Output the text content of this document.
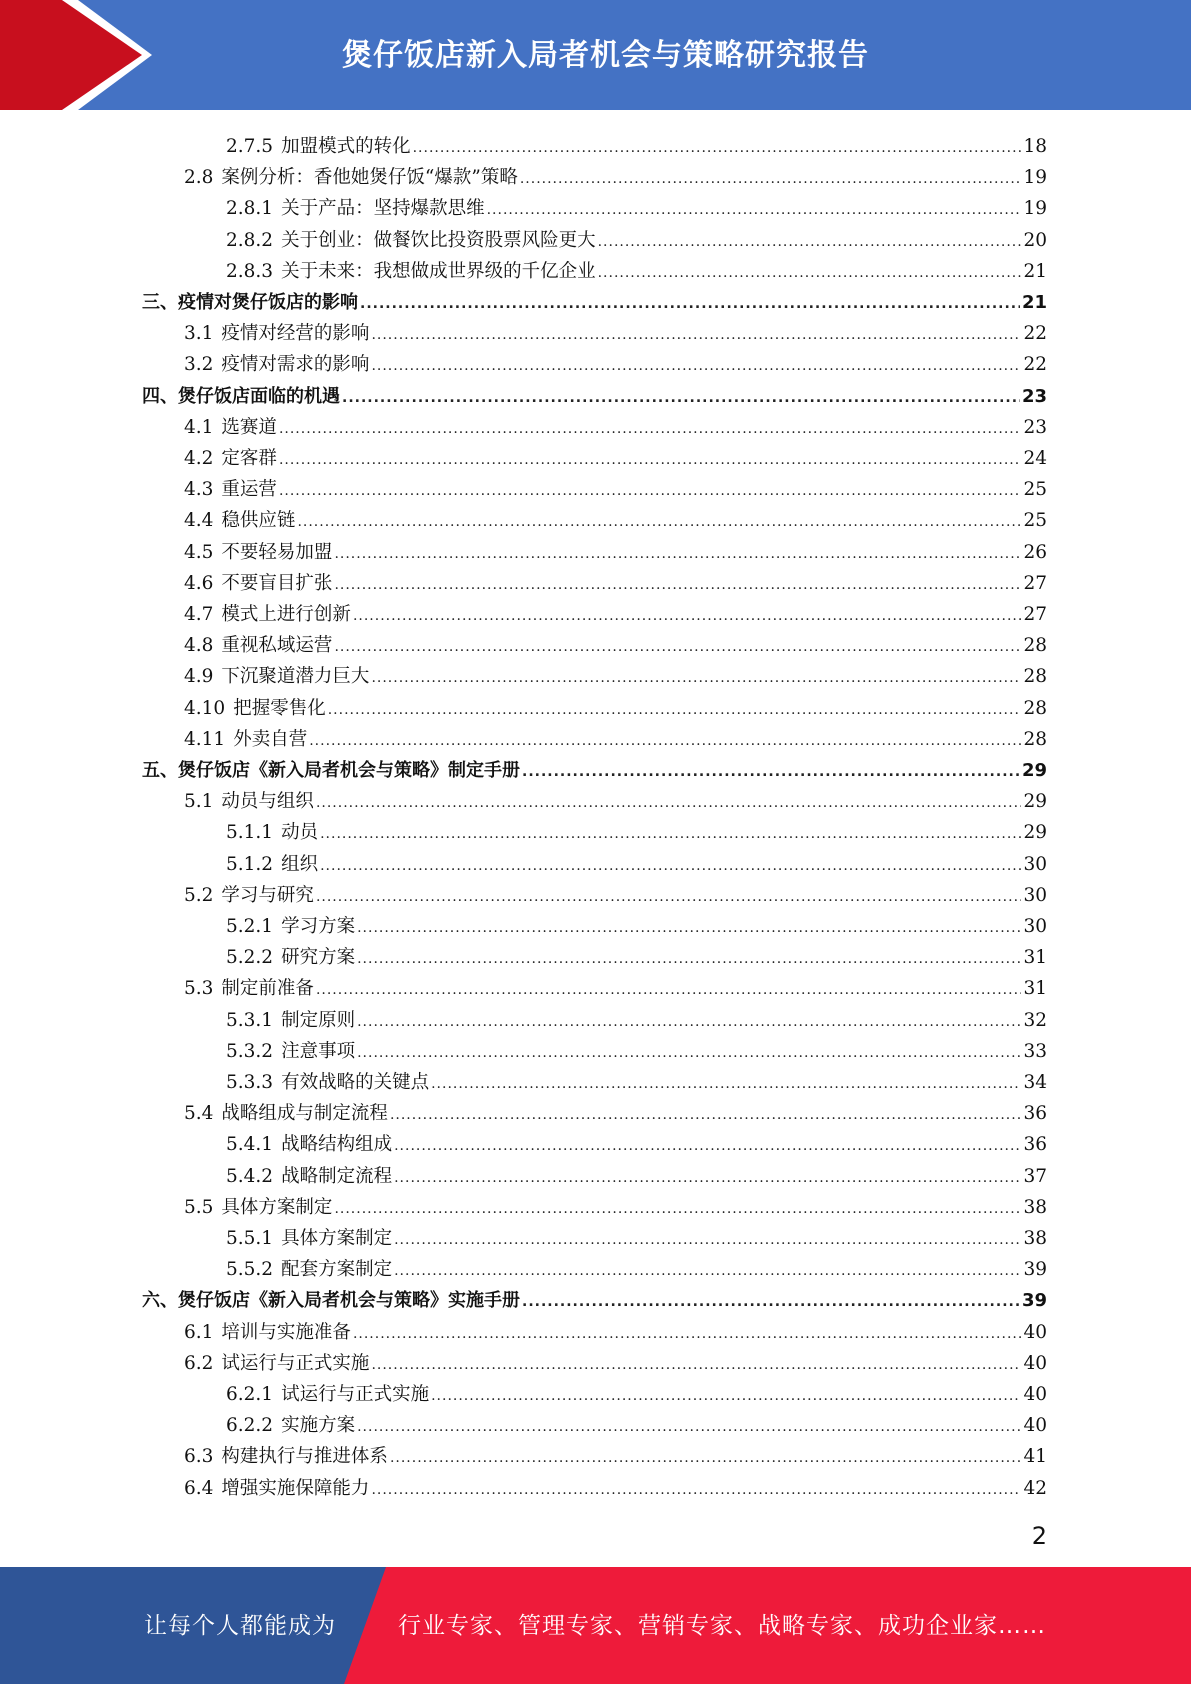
煲仔饭店新入局者机会与策略研究报告
2.7.5 加盟模式的转化 .....	18
2.8 案例分析：香他她煲仔饭“爆款”策略 .....	19
2.8.1 关于产品：坚持爆款思维 .....	19
2.8.2 关于创业：做餐饮比投资股票风险更大 .....	20
2.8.3 关于未来：我想做成世界级的千亿企业 .....	21
三、疫情对煲仔饭店的影响 .....	21
3.1 疫情对经营的影响 .....	22
3.2 疫情对需求的影响 .....	22
四、煲仔饭店面临的机遇 .....	23
4.1 选赛道 .....	23
4.2 定客群 .....	24
4.3 重运营 .....	25
4.4 稳供应链 .....	25
4.5 不要轻易加盟 .....	26
4.6 不要盲目扩张 .....	27
4.7 模式上进行创新 .....	27
4.8 重视私域运营 .....	28
4.9 下沉聚道潜力巨大 .....	28
4.10 把握零售化 .....	28
4.11 外卖自营 .....	28
五、煲仔饭店《新入局者机会与策略》制定手册 .....	29
5.1 动员与组织 .....	29
5.1.1 动员 .....	29
5.1.2 组织 .....	30
5.2 学习与研究 .....	30
5.2.1 学习方案 .....	30
5.2.2 研究方案 .....	31
5.3 制定前准备 .....	31
5.3.1 制定原则 .....	32
5.3.2 注意事项 .....	33
5.3.3 有效战略的关键点 .....	34
5.4 战略组成与制定流程 .....	36
5.4.1 战略结构组成 .....	36
5.4.2 战略制定流程 .....	37
5.5 具体方案制定 .....	38
5.5.1 具体方案制定 .....	38
5.5.2 配套方案制定 .....	39
六、煲仔饭店《新入局者机会与策略》实施手册 .....	39
6.1 培训与实施准备 .....	40
6.2 试运行与正式实施 .....	40
6.2.1 试运行与正式实施 .....	40
6.2.2 实施方案 .....	40
6.3 构建执行与推进体系 .....	41
6.4 增强实施保障能力 .....	42
2
让每个人都能成为	行业专家、管理专家、营销专家、战略专家、成功企业家……
